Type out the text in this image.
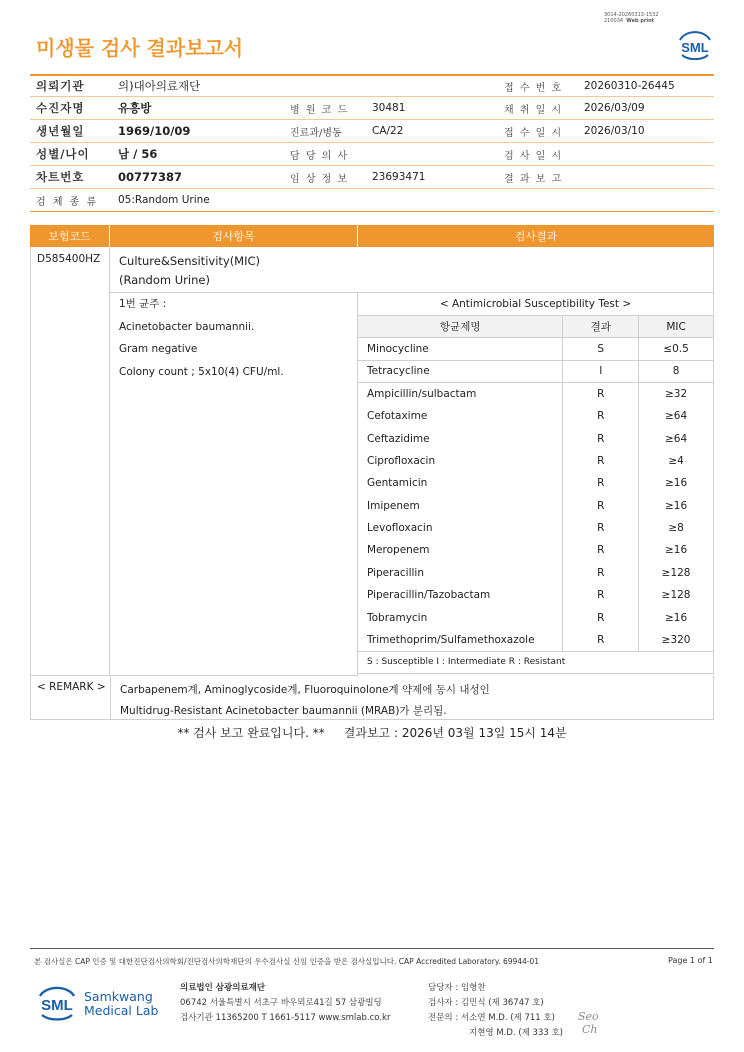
미생물 검사 결과보고서
3014-20260313-1532
210034 Web print
SML
의뢰기관	의)대아의료재단	접 수 번 호	20260310-26445
수진자명	유흥방	병 원 코 드	30481	채 취 일 시	2026/03/09
생년월일	1969/10/09	진료과/병동	CA/22	접 수 일 시	2026/03/10
성별/나이	남 / 56	담 당 의 사	검 사 일 시
차트번호	00777387	임 상 정 보	23693471	결 과 보 고
검 체 종 류	05:Random Urine
보험코드	검사항목	검사결과
D585400HZ	Culture&Sensitivity(MIC)
(Random Urine)
1번 균주 :
Acinetobacter baumannii.
Gram negative
Colony count ; 5x10(4) CFU/ml.
< Antimicrobial Susceptibility Test >		
항균제명	결과	MIC
Minocycline	S	≤0.5
Tetracycline	I	8
Ampicillin/sulbactam	R	≥32
Cefotaxime	R	≥64
Ceftazidime	R	≥64
Ciprofloxacin	R	≥4
Gentamicin	R	≥16
Imipenem	R	≥16
Levofloxacin	R	≥8
Meropenem	R	≥16
Piperacillin	R	≥128
Piperacillin/Tazobactam	R	≥128
Tobramycin	R	≥16
Trimethoprim/Sulfamethoxazole	R	≥320
S : Susceptible I : Intermediate R : Resistant		
< REMARK >	Carbapenem계, Aminoglycoside계, Fluoroquinolone계 약제에 동시 내성인
Multidrug-Resistant Acinetobacter baumannii (MRAB)가 분리됨.
** 검사 보고 완료입니다. **     결과보고 : 2026년 03월 13일 15시 14분
본 검사실은 CAP 인증 및 대한진단검사의학회/진단검사의학재단의 우수검사실 신임 인증을 받은 검사실입니다. CAP Accredited Laboratory. 69944-01	Page 1 of 1
SML
Samkwang
Medical Lab
의료법인 삼광의료재단
06742 서울특별시 서초구 바우뫼로41길 57 삼광빌딩
검사기관 11365200 T 1661-5117 www.smlab.co.kr
담당자 : 임형찬
검사자 : 김민식 (제 36747 호)
전문의 : 서소연 M.D. (제 711 호)
지현영 M.D. (제 333 호)
Seo
Ch
